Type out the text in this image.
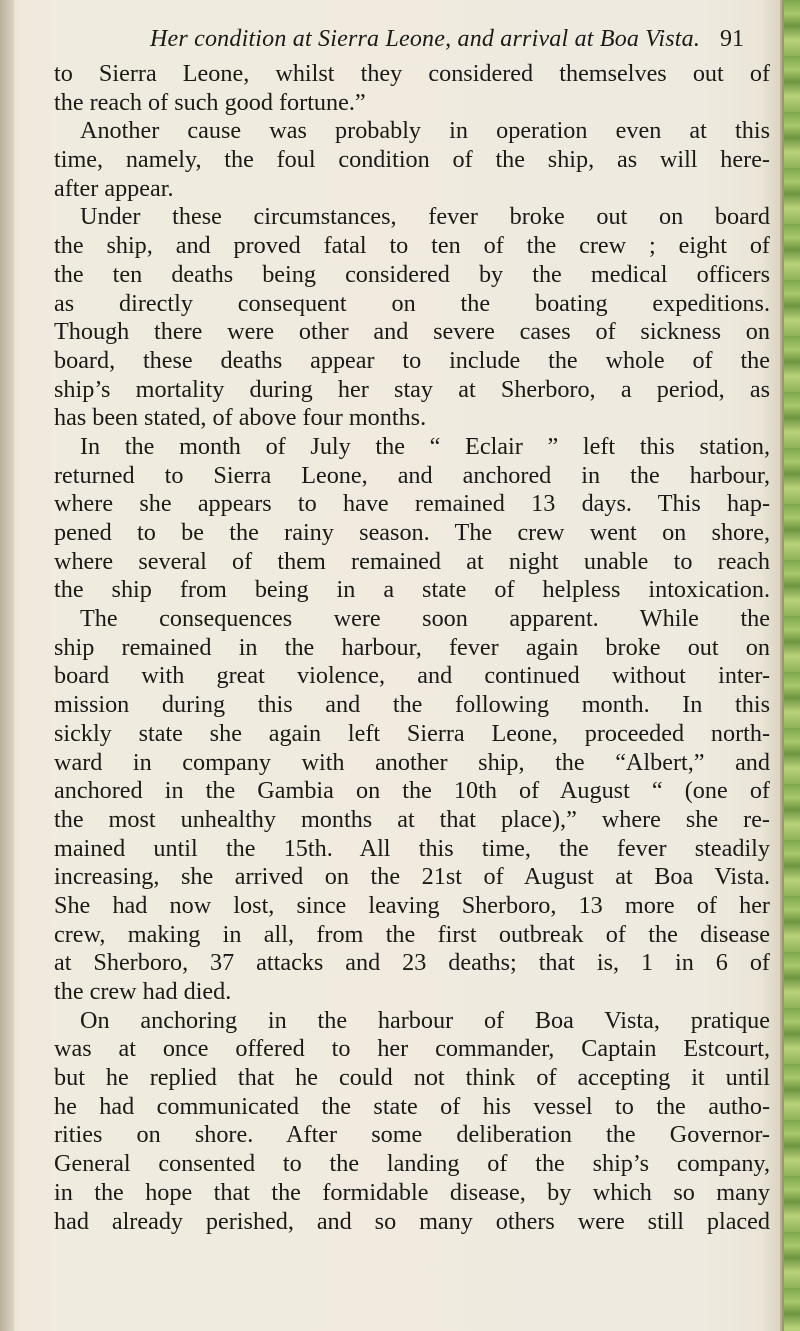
Her condition at Sierra Leone, and arrival at Boa Vista. 91
to Sierra Leone, whilst they considered themselves out of
the reach of such good fortune.”
Another cause was probably in operation even at this
time, namely, the foul condition of the ship, as will here-
after appear.
Under these circumstances, fever broke out on board
the ship, and proved fatal to ten of the crew ; eight of
the ten deaths being considered by the medical officers
as directly consequent on the boating expeditions.
Though there were other and severe cases of sickness on
board, these deaths appear to include the whole of the
ship’s mortality during her stay at Sherboro, a period, as
has been stated, of above four months.
In the month of July the “ Eclair ” left this station,
returned to Sierra Leone, and anchored in the harbour,
where she appears to have remained 13 days. This hap-
pened to be the rainy season. The crew went on shore,
where several of them remained at night unable to reach
the ship from being in a state of helpless intoxication.
The consequences were soon apparent. While the
ship remained in the harbour, fever again broke out on
board with great violence, and continued without inter-
mission during this and the following month. In this
sickly state she again left Sierra Leone, proceeded north-
ward in company with another ship, the “Albert,” and
anchored in the Gambia on the 10th of August “ (one of
the most unhealthy months at that place),” where she re-
mained until the 15th. All this time, the fever steadily
increasing, she arrived on the 21st of August at Boa Vista.
She had now lost, since leaving Sherboro, 13 more of her
crew, making in all, from the first outbreak of the disease
at Sherboro, 37 attacks and 23 deaths; that is, 1 in 6 of
the crew had died.
On anchoring in the harbour of Boa Vista, pratique
was at once offered to her commander, Captain Estcourt,
but he replied that he could not think of accepting it until
he had communicated the state of his vessel to the autho-
rities on shore. After some deliberation the Governor-
General consented to the landing of the ship’s company,
in the hope that the formidable disease, by which so many
had already perished, and so many others were still placed
